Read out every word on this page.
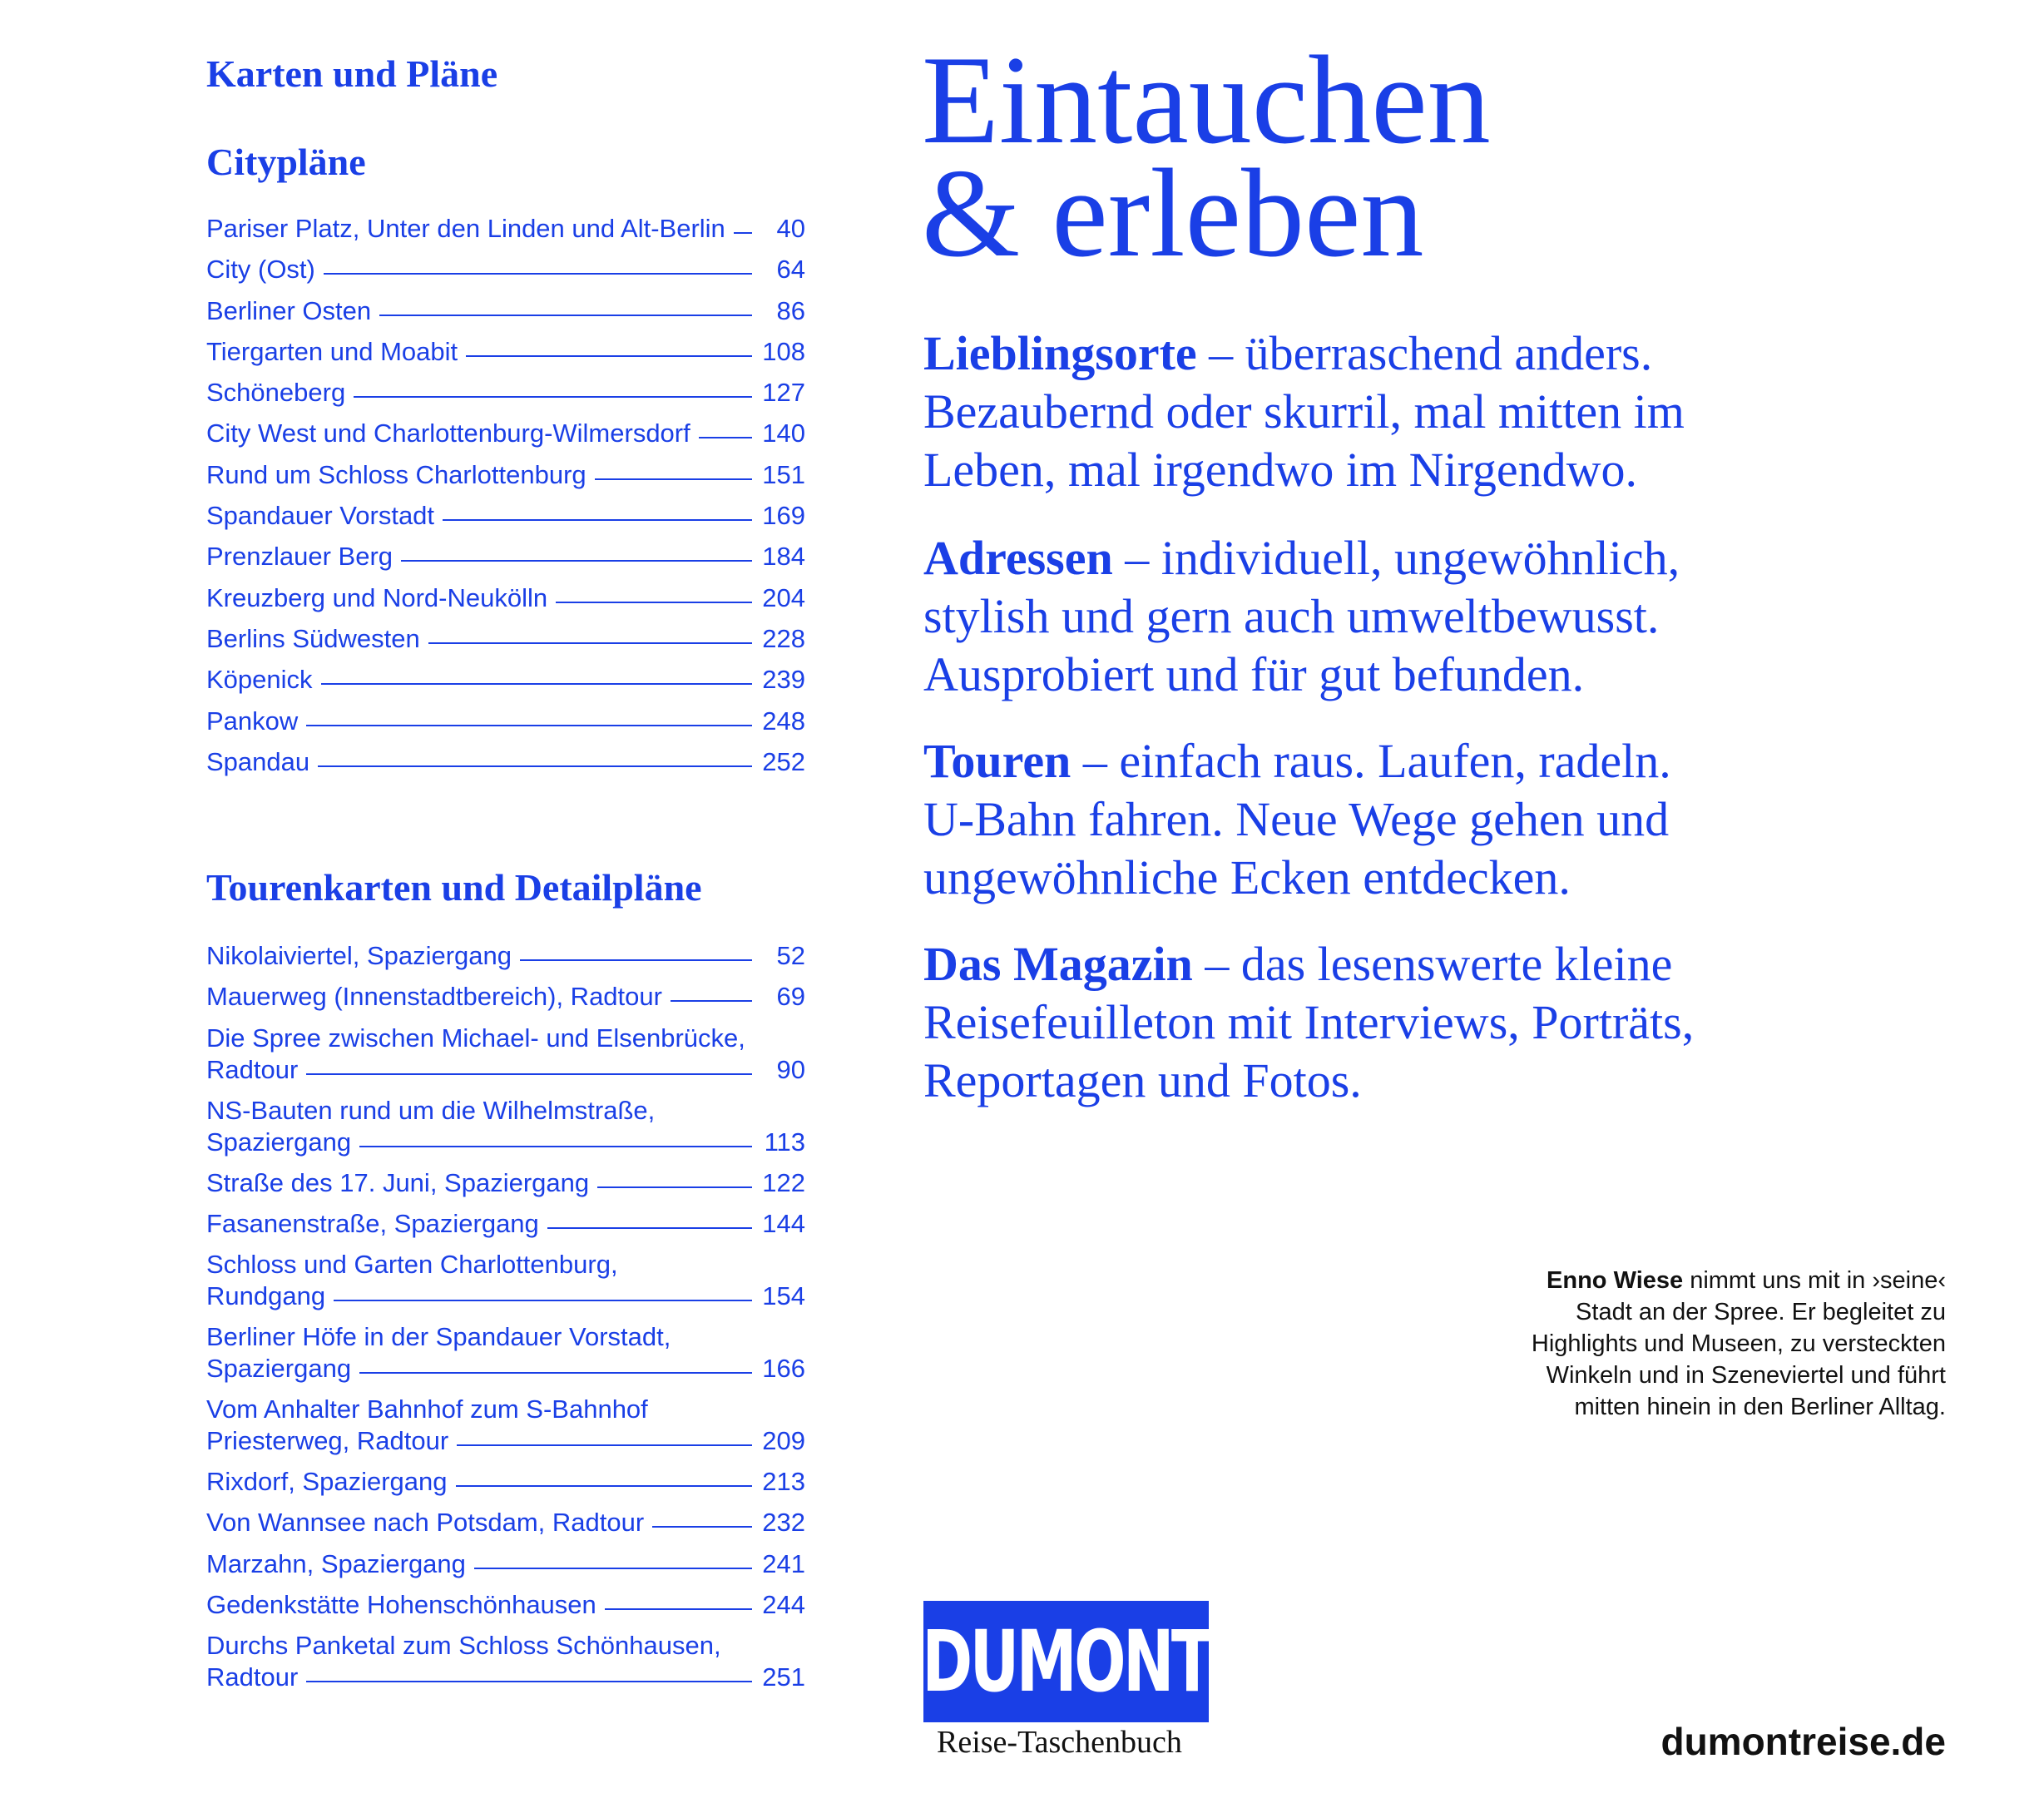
Karten und Pläne
Citypläne
Pariser Platz, Unter den Linden und Alt-Berlin	40
City (Ost)	64
Berliner Osten	86
Tiergarten und Moabit	108
Schöneberg	127
City West und Charlottenburg-Wilmersdorf	140
Rund um Schloss Charlottenburg	151
Spandauer Vorstadt	169
Prenzlauer Berg	184
Kreuzberg und Nord-Neukölln	204
Berlins Südwesten	228
Köpenick	239
Pankow	248
Spandau	252
Tourenkarten und Detailpläne
Nikolaiviertel, Spaziergang	52
Mauerweg (Innenstadtbereich), Radtour	69
Die Spree zwischen Michael- und Elsenbrücke,
Radtour	90
NS-Bauten rund um die Wilhelmstraße,
Spaziergang	113
Straße des 17. Juni, Spaziergang	122
Fasanenstraße, Spaziergang	144
Schloss und Garten Charlottenburg,
Rundgang	154
Berliner Höfe in der Spandauer Vorstadt,
Spaziergang	166
Vom Anhalter Bahnhof zum S-Bahnhof
Priesterweg, Radtour	209
Rixdorf, Spaziergang	213
Von Wannsee nach Potsdam, Radtour	232
Marzahn, Spaziergang	241
Gedenkstätte Hohenschönhausen	244
Durchs Panketal zum Schloss Schönhausen,
Radtour	251
Eintauchen
& erleben
Lieblingsorte – überraschend anders.
Bezaubernd oder skurril, mal mitten im
Leben, mal irgendwo im Nirgendwo.
Adressen – individuell, ungewöhnlich,
stylish und gern auch umweltbewusst.
Ausprobiert und für gut befunden.
Touren – einfach raus. Laufen, radeln.
U-Bahn fahren. Neue Wege gehen und
ungewöhnliche Ecken entdecken.
Das Magazin – das lesenswerte kleine
Reisefeuilleton mit Interviews, Porträts,
Reportagen und Fotos.
Enno Wiese nimmt uns mit in ›seine‹
Stadt an der Spree. Er begleitet zu
Highlights und Museen, zu versteckten
Winkeln und in Szeneviertel und führt
mitten hinein in den Berliner Alltag.
DUMONT
Reise-Taschenbuch	dumontreise.de
